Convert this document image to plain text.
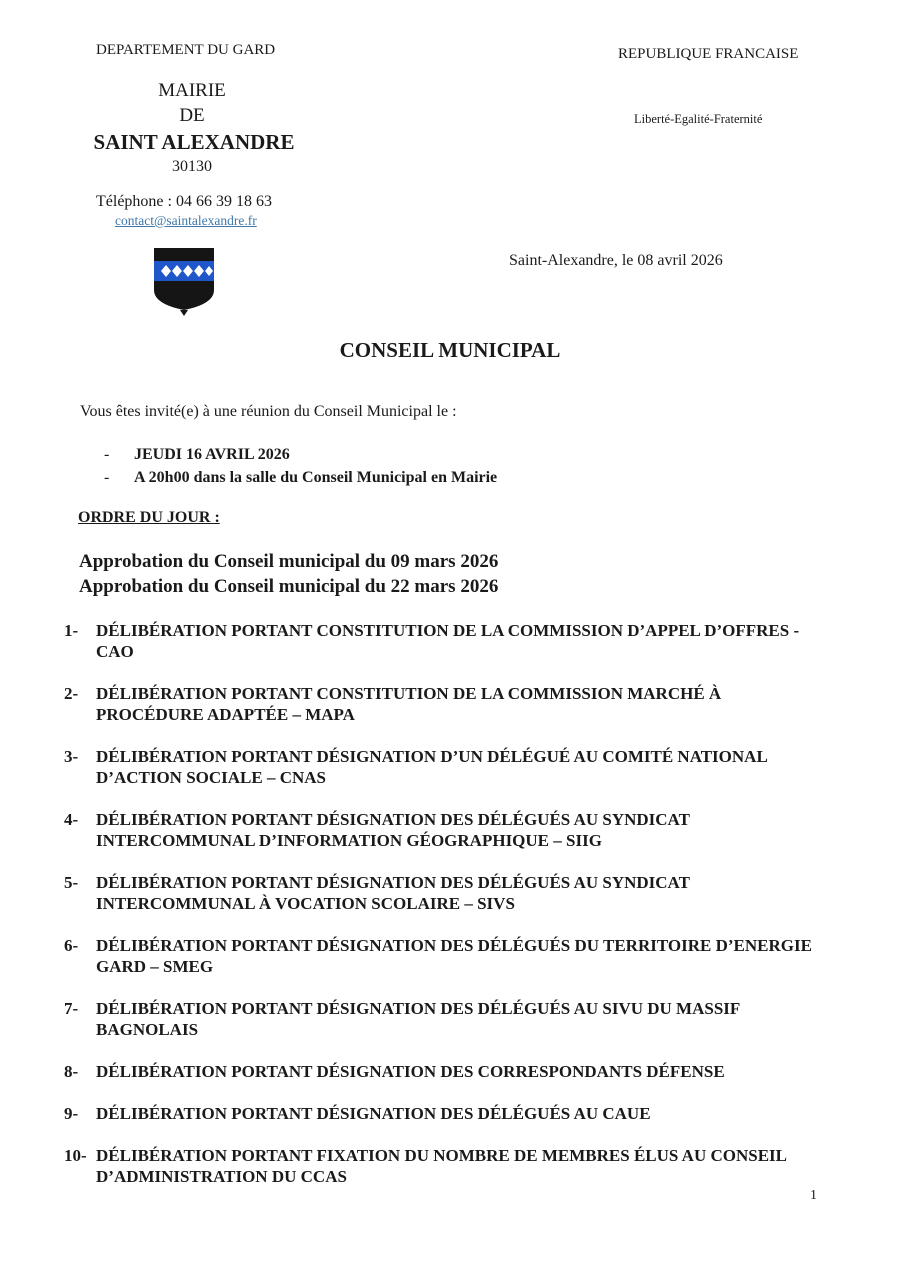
DEPARTEMENT DU GARD	REPUBLIQUE FRANCAISE
Liberté-Egalité-Fraternité
MAIRIE
DE
SAINT ALEXANDRE
30130
Téléphone : 04 66 39 18 63
contact@saintalexandre.fr
Saint-Alexandre, le 08 avril 2026
CONSEIL MUNICIPAL
Vous êtes invité(e) à une réunion du Conseil Municipal le :
-	JEUDI 16 AVRIL 2026
-	A 20h00 dans la salle du Conseil Municipal en Mairie
ORDRE DU JOUR :
Approbation du Conseil municipal du 09 mars 2026
Approbation du Conseil municipal du 22 mars 2026
1-	DÉLIBÉRATION PORTANT CONSTITUTION DE LA COMMISSION D’APPEL D’OFFRES - CAO
2-	DÉLIBÉRATION PORTANT CONSTITUTION DE LA COMMISSION MARCHÉ À PROCÉDURE ADAPTÉE – MAPA
3-	DÉLIBÉRATION PORTANT DÉSIGNATION D’UN DÉLÉGUÉ AU COMITÉ NATIONAL D’ACTION SOCIALE – CNAS
4-	DÉLIBÉRATION PORTANT DÉSIGNATION DES DÉLÉGUÉS AU SYNDICAT INTERCOMMUNAL D’INFORMATION GÉOGRAPHIQUE – SIIG
5-	DÉLIBÉRATION PORTANT DÉSIGNATION DES DÉLÉGUÉS AU SYNDICAT INTERCOMMUNAL À VOCATION SCOLAIRE – SIVS
6-	DÉLIBÉRATION PORTANT DÉSIGNATION DES DÉLÉGUÉS DU TERRITOIRE D’ENERGIE GARD – SMEG
7-	DÉLIBÉRATION PORTANT DÉSIGNATION DES DÉLÉGUÉS AU SIVU DU MASSIF BAGNOLAIS
8-	DÉLIBÉRATION PORTANT DÉSIGNATION DES CORRESPONDANTS DÉFENSE
9-	DÉLIBÉRATION PORTANT DÉSIGNATION DES DÉLÉGUÉS AU CAUE
10- DÉLIBÉRATION PORTANT FIXATION DU NOMBRE DE MEMBRES ÉLUS AU CONSEIL D’ADMINISTRATION DU CCAS
1
